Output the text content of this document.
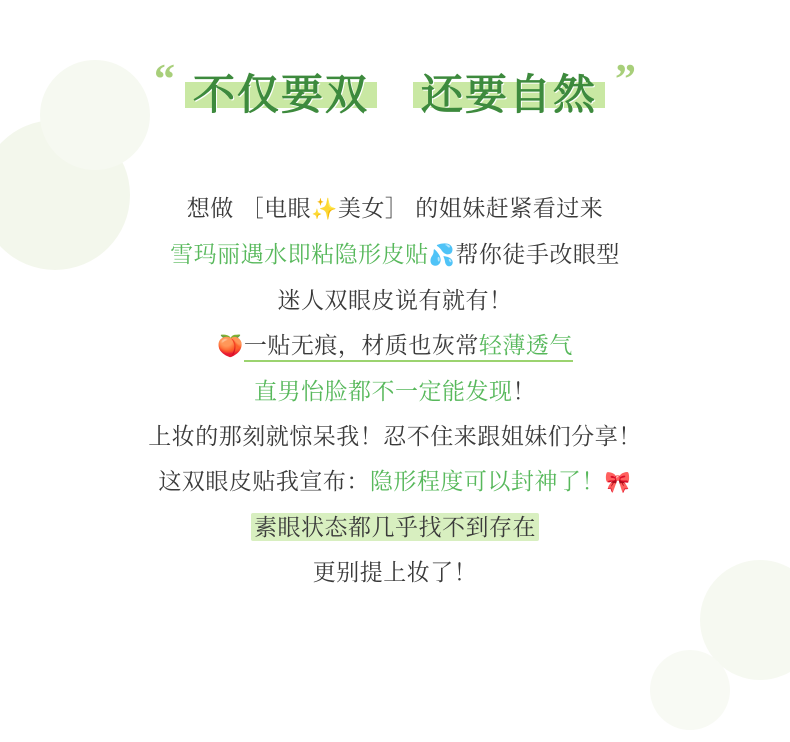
“ 不仅要双 还要自然 ”
想做 ［电眼✨美女］ 的姐妹赶紧看过来
雪玛丽遇水即粘隐形皮贴💦帮你徒手改眼型
迷人双眼皮说有就有！
🍑一贴无痕，材质也灰常轻薄透气
直男怡脸都不一定能发现！
上妆的那刻就惊呆我！忍不住来跟姐妹们分享！
这双眼皮贴我宣布：隐形程度可以封神了！🎀
素眼状态都几乎找不到存在
更别提上妆了！
